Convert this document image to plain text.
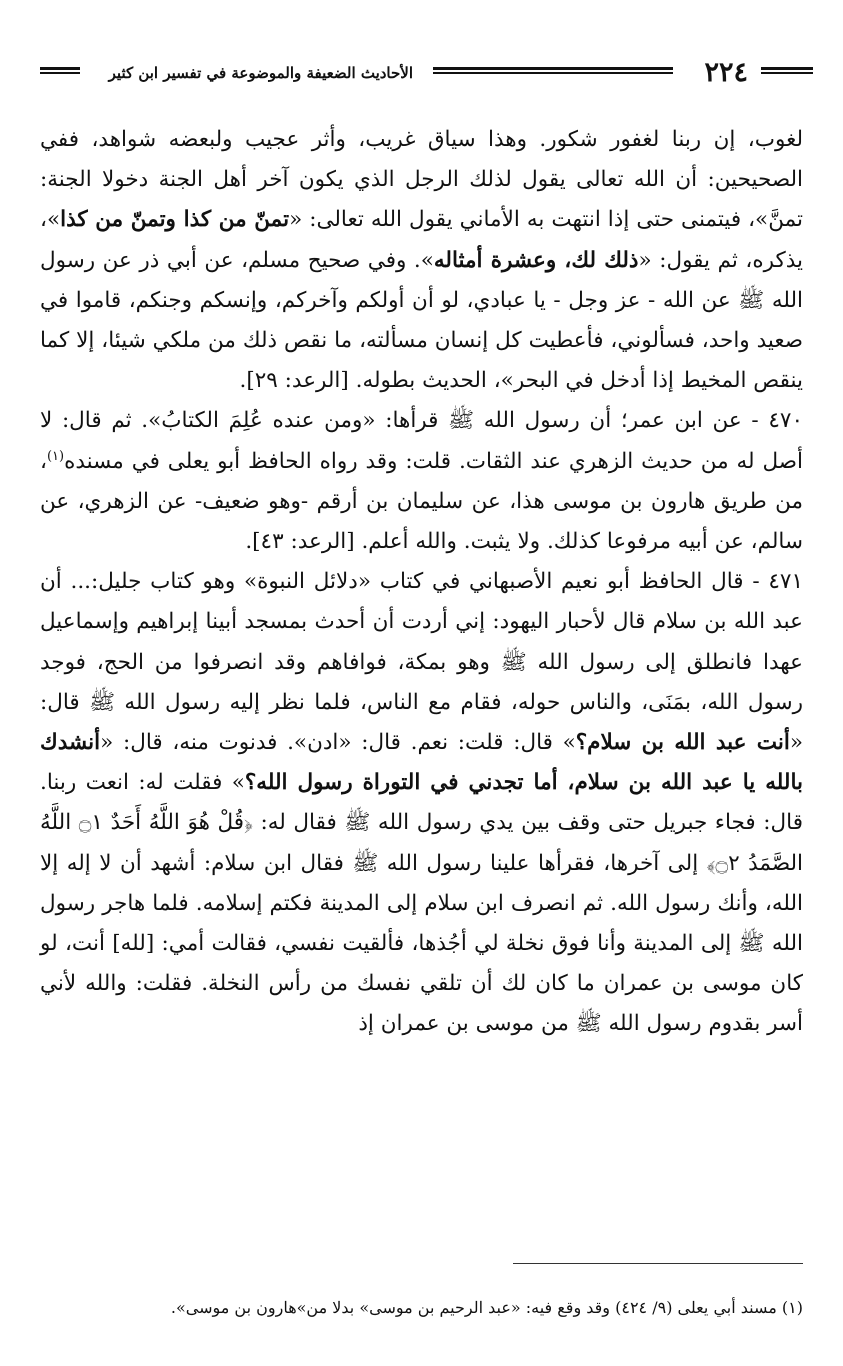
٢٢٤
الأحاديث الضعيفة والموضوعة في تفسير ابن كثير

لغوب، إن ربنا لغفور شكور. وهذا سياق غريب، وأثر عجيب ولبعضه شواهد، ففي الصحيحين: أن الله تعالى يقول لذلك الرجل الذي يكون آخر أهل الجنة دخولا الجنة: تمنَّ»، فيتمنى حتى إذا انتهت به الأماني يقول الله تعالى: «تمنّ من كذا وتمنّ من كذا»، يذكره، ثم يقول: «ذلك لك، وعشرة أمثاله». وفي صحيح مسلم، عن أبي ذر عن رسول الله ﷺ عن الله - عز وجل - يا عبادي، لو أن أولكم وآخركم، وإنسكم وجنكم، قاموا في صعيد واحد، فسألوني، فأعطيت كل إنسان مسألته، ما نقص ذلك من ملكي شيئا، إلا كما ينقص المخيط إذا أدخل في البحر»، الحديث بطوله. [الرعد: ٢٩].

٤٧٠ - عن ابن عمر؛ أن رسول الله ﷺ قرأها: «ومن عنده عُلِمَ الكتابُ». ثم قال: لا أصل له من حديث الزهري عند الثقات. قلت: وقد رواه الحافظ أبو يعلى في مسنده$^{(١)}$، من طريق هارون بن موسى هذا، عن سليمان بن أرقم -وهو ضعيف- عن الزهري، عن سالم، عن أبيه مرفوعا كذلك. ولا يثبت. والله أعلم. [الرعد: ٤٣].

٤٧١ - قال الحافظ أبو نعيم الأصبهاني في كتاب «دلائل النبوة» وهو كتاب جليل:... أن عبد الله بن سلام قال لأحبار اليهود: إني أردت أن أحدث بمسجد أبينا إبراهيم وإسماعيل عهدا فانطلق إلى رسول الله ﷺ وهو بمكة، فوافاهم وقد انصرفوا من الحج، فوجد رسول الله، بمَنَى، والناس حوله، فقام مع الناس، فلما نظر إليه رسول الله ﷺ قال: «أنت عبد الله بن سلام؟» قال: قلت: نعم. قال: «ادن». فدنوت منه، قال: «أنشدك بالله يا عبد الله بن سلام، أما تجدني في التوراة رسول الله؟» فقلت له: انعت ربنا. قال: فجاء جبريل حتى وقف بين يدي رسول الله ﷺ فقال له: ﴿قُلْ هُوَ اللَّهُ أَحَدٌ ۝١ اللَّهُ الصَّمَدُ ۝٢﴾ إلى آخرها، فقرأها علينا رسول الله ﷺ فقال ابن سلام: أشهد أن لا إله إلا الله، وأنك رسول الله. ثم انصرف ابن سلام إلى المدينة فكتم إسلامه. فلما هاجر رسول الله ﷺ إلى المدينة وأنا فوق نخلة لي أجُذها، فألقيت نفسي، فقالت أمي: [لله] أنت، لو كان موسى بن عمران ما كان لك أن تلقي نفسك من رأس النخلة. فقلت: والله لأني أسر بقدوم رسول الله ﷺ من موسى بن عمران إذ

(١) مسند أبي يعلى (٩/ ٤٢٤) وقد وقع فيه: «عبد الرحيم بن موسى» بدلا من»هارون بن موسى».
